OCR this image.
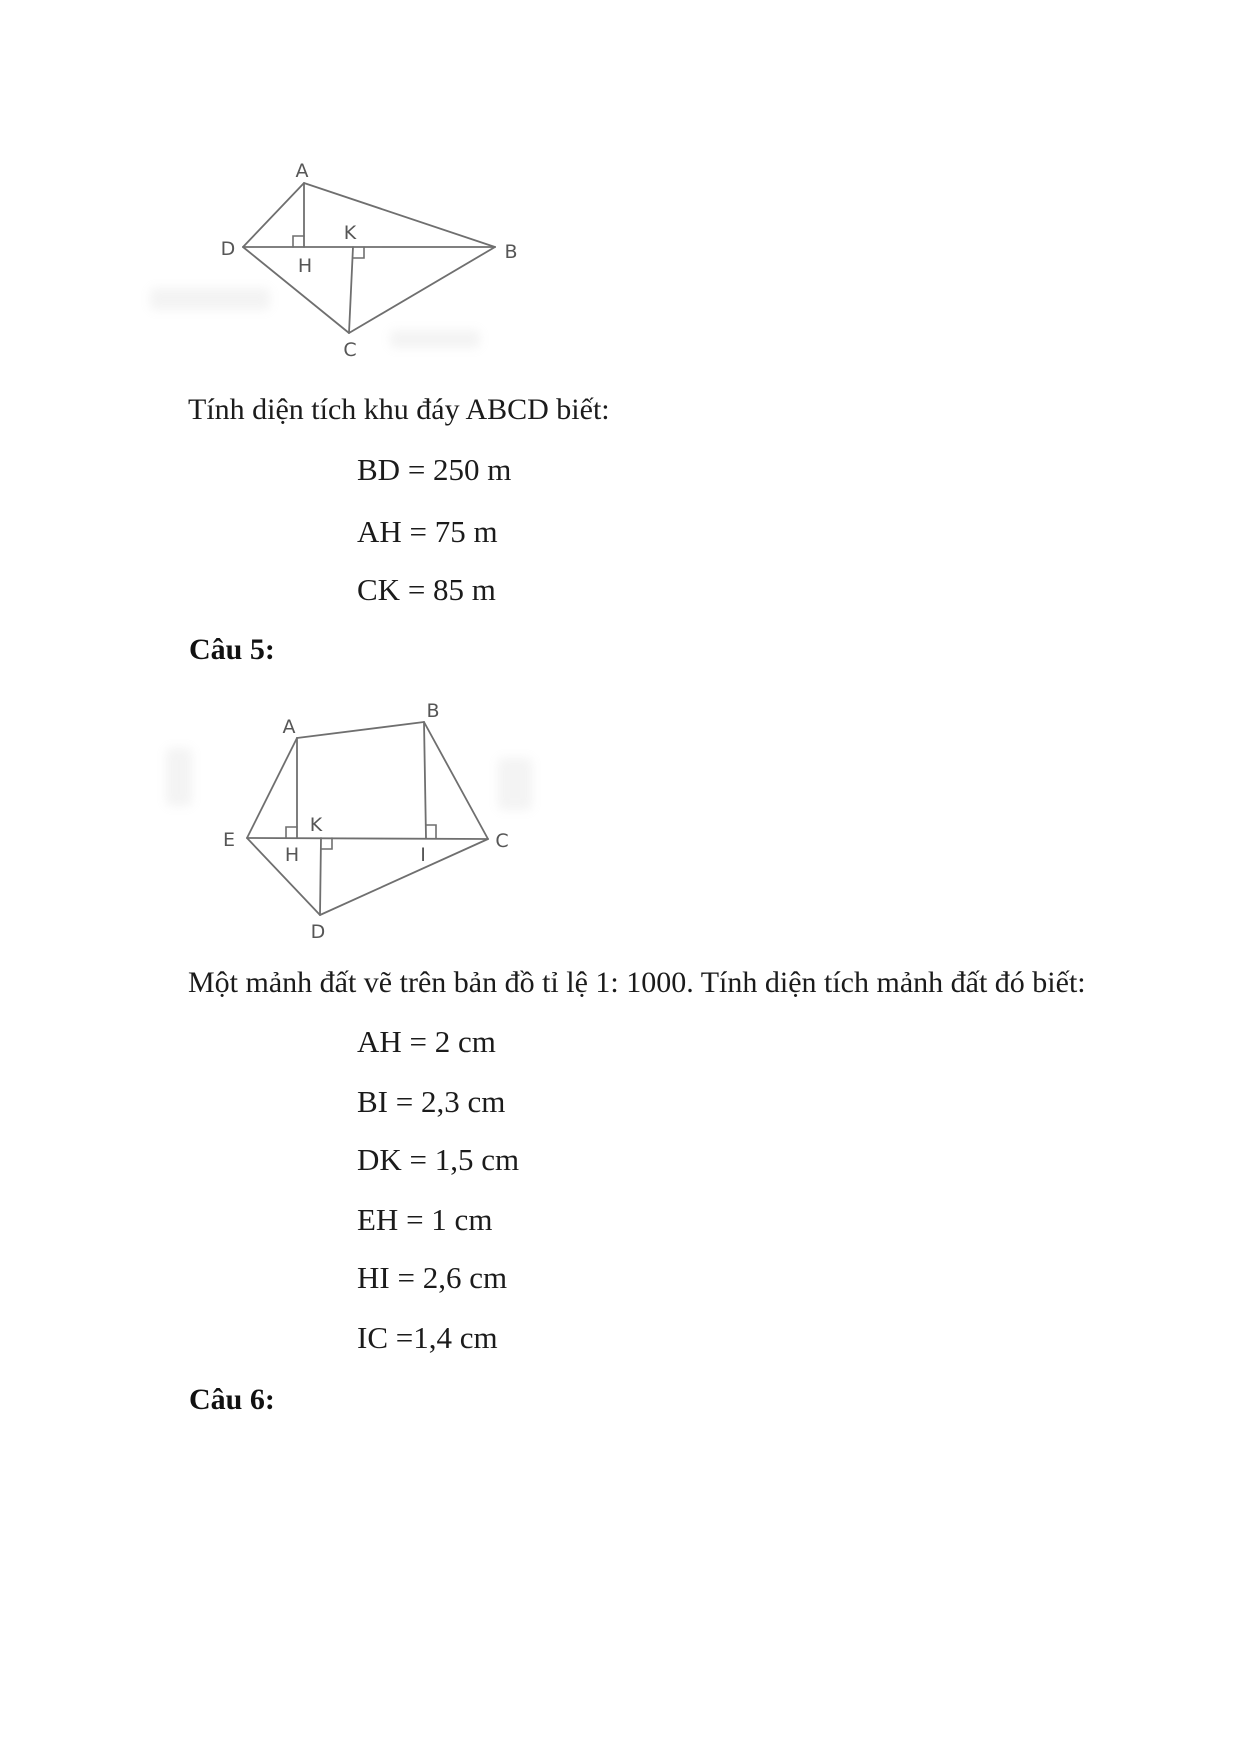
A
B
C
D
H
K

Tính diện tích khu đáy ABCD biết:

BD = 250 m
AH = 75 m
CK = 85 m
Câu 5:
A
B
C
D
E
H	I
K

Một mảnh đất vẽ trên bản đồ tỉ lệ 1: 1000. Tính diện tích mảnh đất đó biết:

AH = 2 cm
BI = 2,3 cm
DK = 1,5 cm
EH = 1 cm
HI = 2,6 cm
IC =1,4 cm
Câu 6:
